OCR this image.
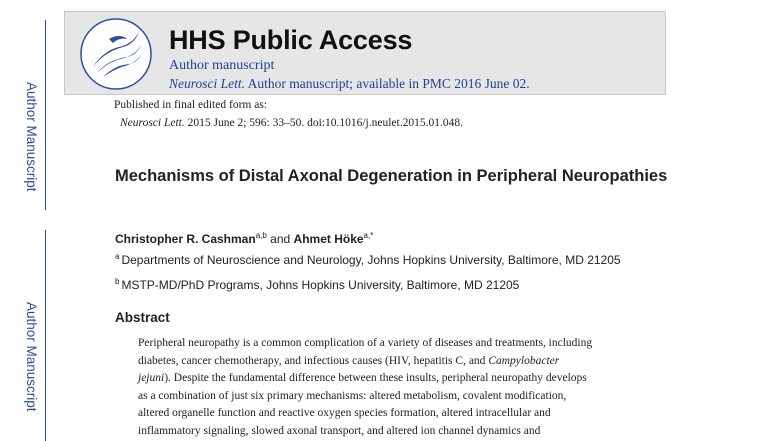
Author Manuscript
Author Manuscript
HHS Public Access
Author manuscript
Neurosci Lett. Author manuscript; available in PMC 2016 June 02.
Published in final edited form as:
Neurosci Lett. 2015 June 2; 596: 33–50. doi:10.1016/j.neulet.2015.01.048.
Mechanisms of Distal Axonal Degeneration in Peripheral Neuropathies
Christopher R. Cashman$^{a,b}$ and Ahmet Höke$^{a,*}$
$^a$ Departments of Neuroscience and Neurology, Johns Hopkins University, Baltimore, MD 21205
$^b$ MSTP-MD/PhD Programs, Johns Hopkins University, Baltimore, MD 21205
Abstract
Peripheral neuropathy is a common complication of a variety of diseases and treatments, including
diabetes, cancer chemotherapy, and infectious causes (HIV, hepatitis C, and Campylobacter
jejuni). Despite the fundamental difference between these insults, peripheral neuropathy develops
as a combination of just six primary mechanisms: altered metabolism, covalent modification,
altered organelle function and reactive oxygen species formation, altered intracellular and
inflammatory signaling, slowed axonal transport, and altered ion channel dynamics and
